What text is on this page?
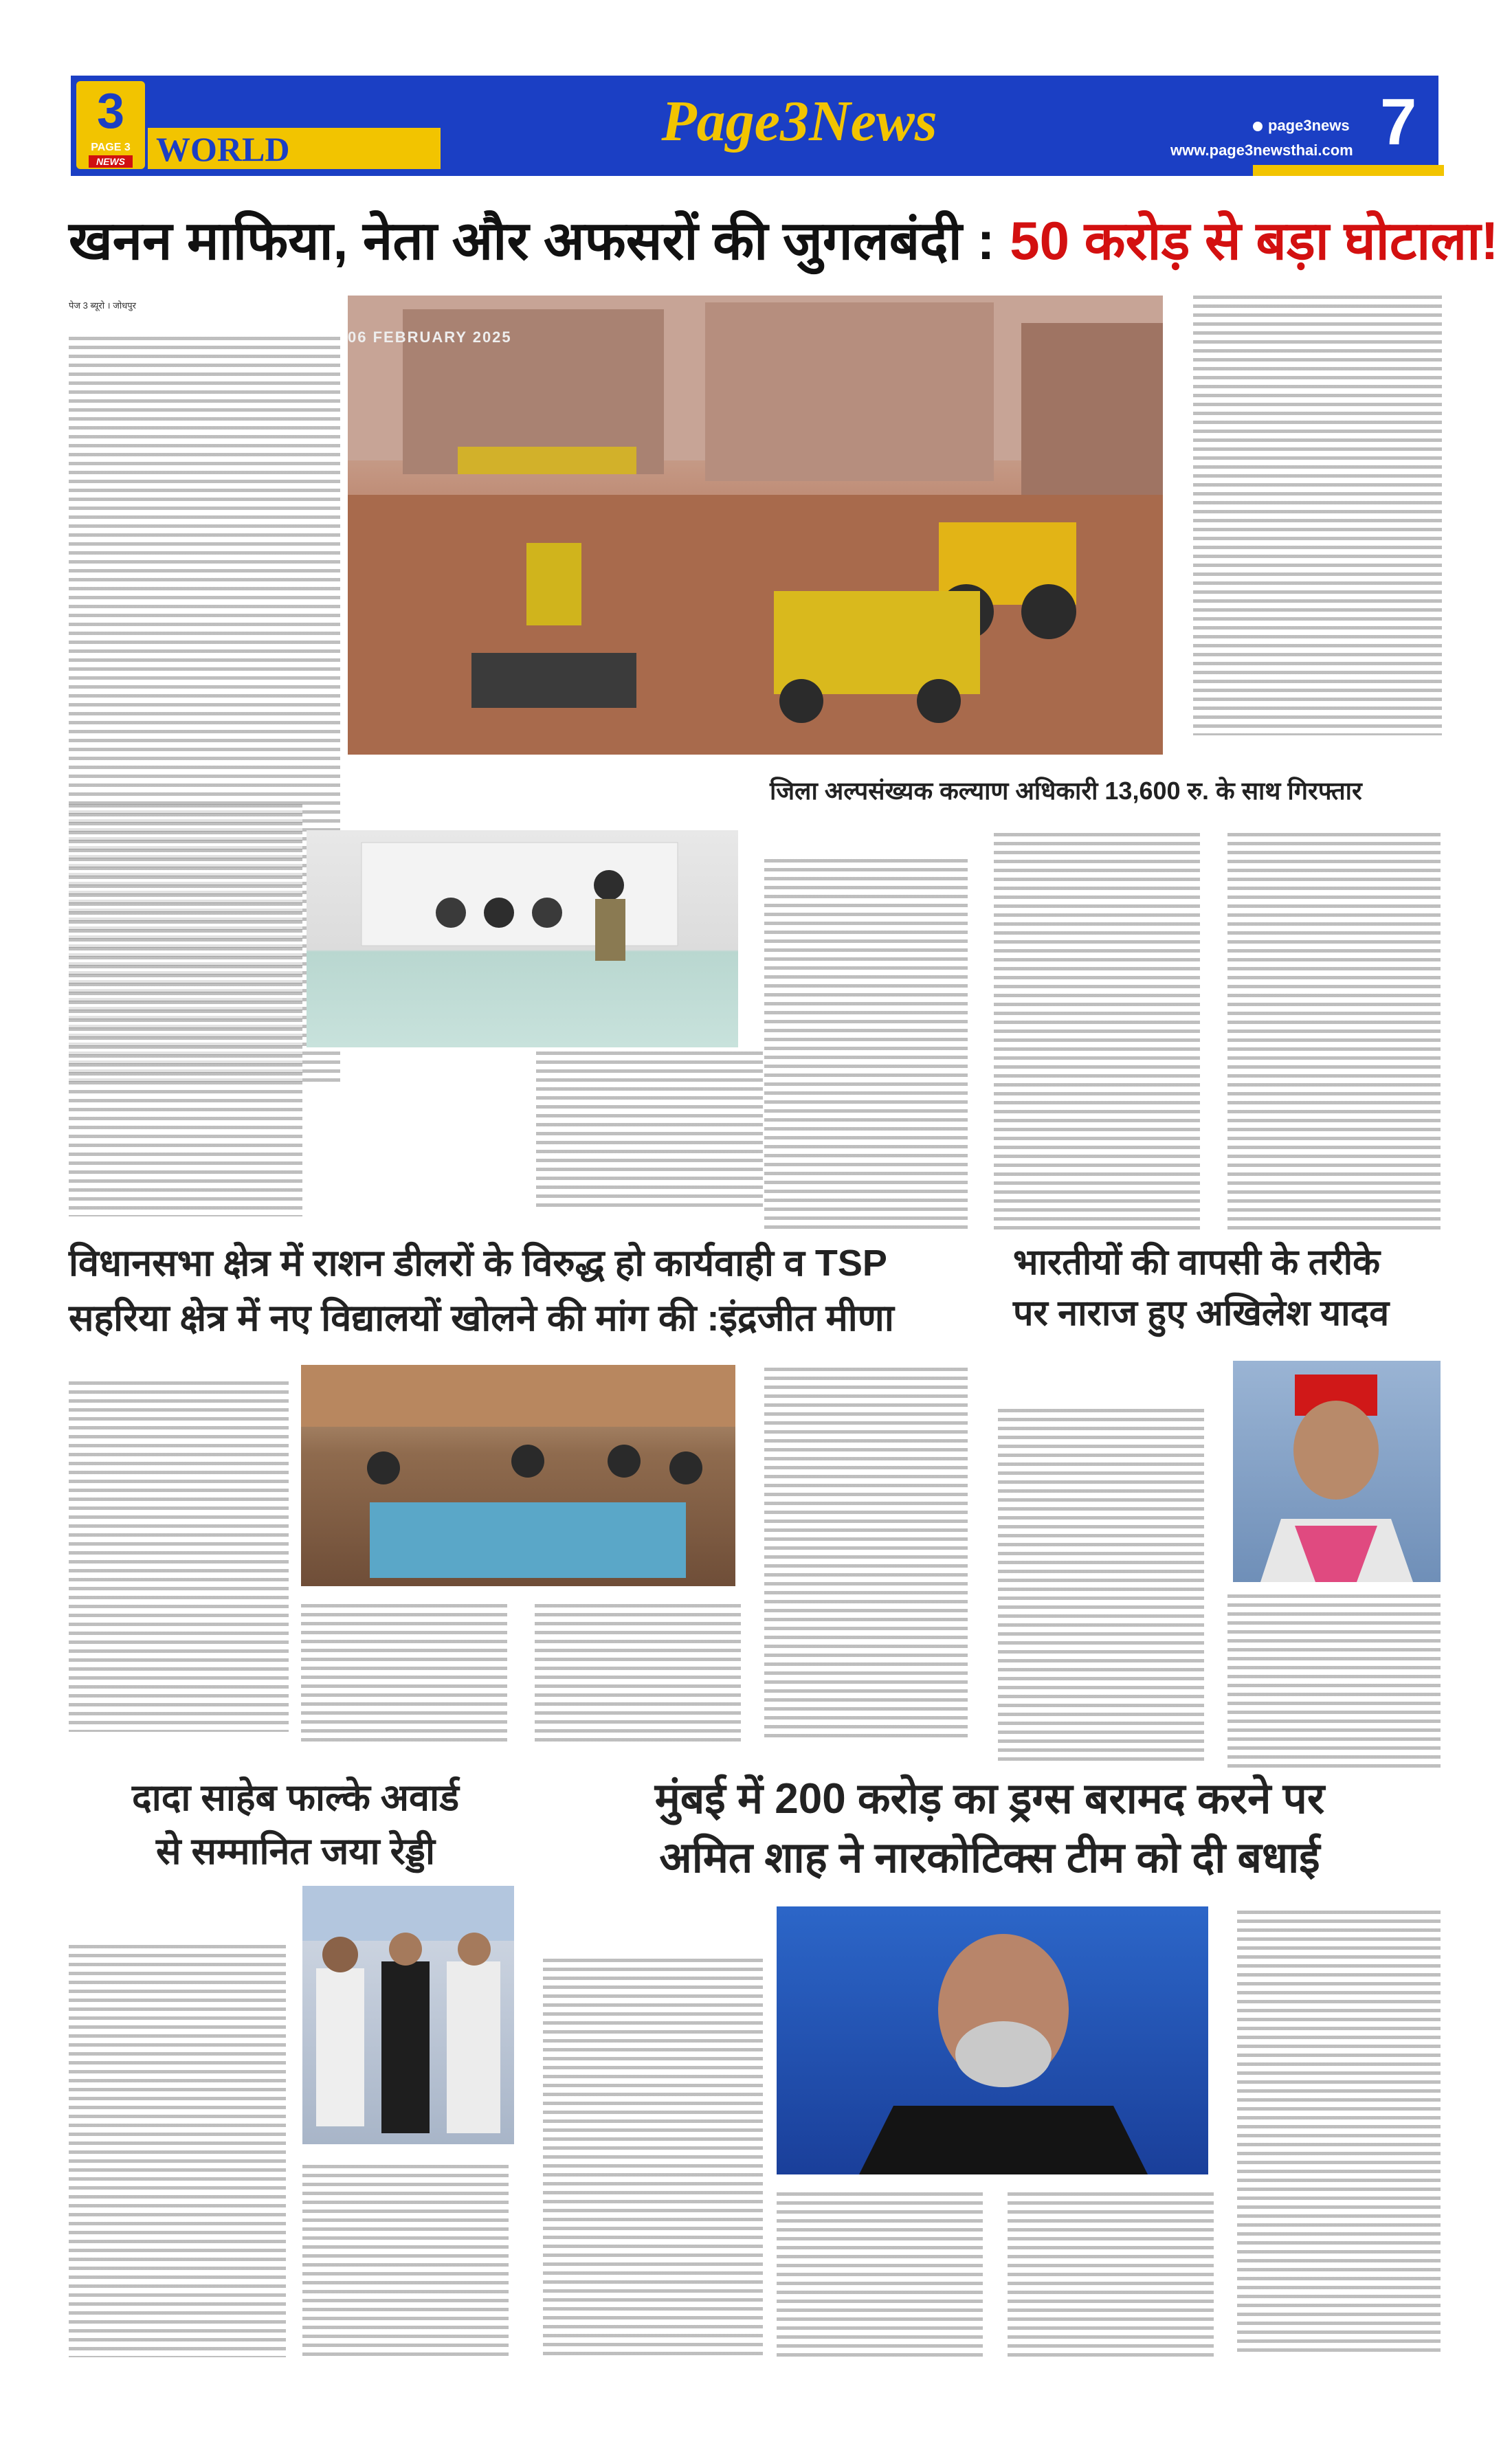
3
PAGE 3
NEWS WORLD	Page3News	page3news
www.page3newsthai.com 7
खनन माफिया, नेता और अफसरों की जुगलबंदी : 50 करोड़ से बड़ा घोटाला!
पेज 3 ब्यूरो । जोधपुर
06 FEBRUARY 2025
जिला अल्पसंख्यक कल्याण अधिकारी 13,600 रु. के साथ गिरफ्तार
विधानसभा क्षेत्र में राशन डीलरों के विरुद्ध हो कार्यवाही व TSP
सहरिया क्षेत्र में नए विद्यालयों खोलने की मांग की :इंद्रजीत मीणा
भारतीयों की वापसी के तरीके
पर नाराज हुए अखिलेश यादव
दादा साहेब फाल्के अवार्ड
से सम्मानित जया रेड्डी
मुंबई में 200 करोड़ का ड्रग्स बरामद करने पर
अमित शाह ने नारकोटिक्स टीम को दी बधाई
